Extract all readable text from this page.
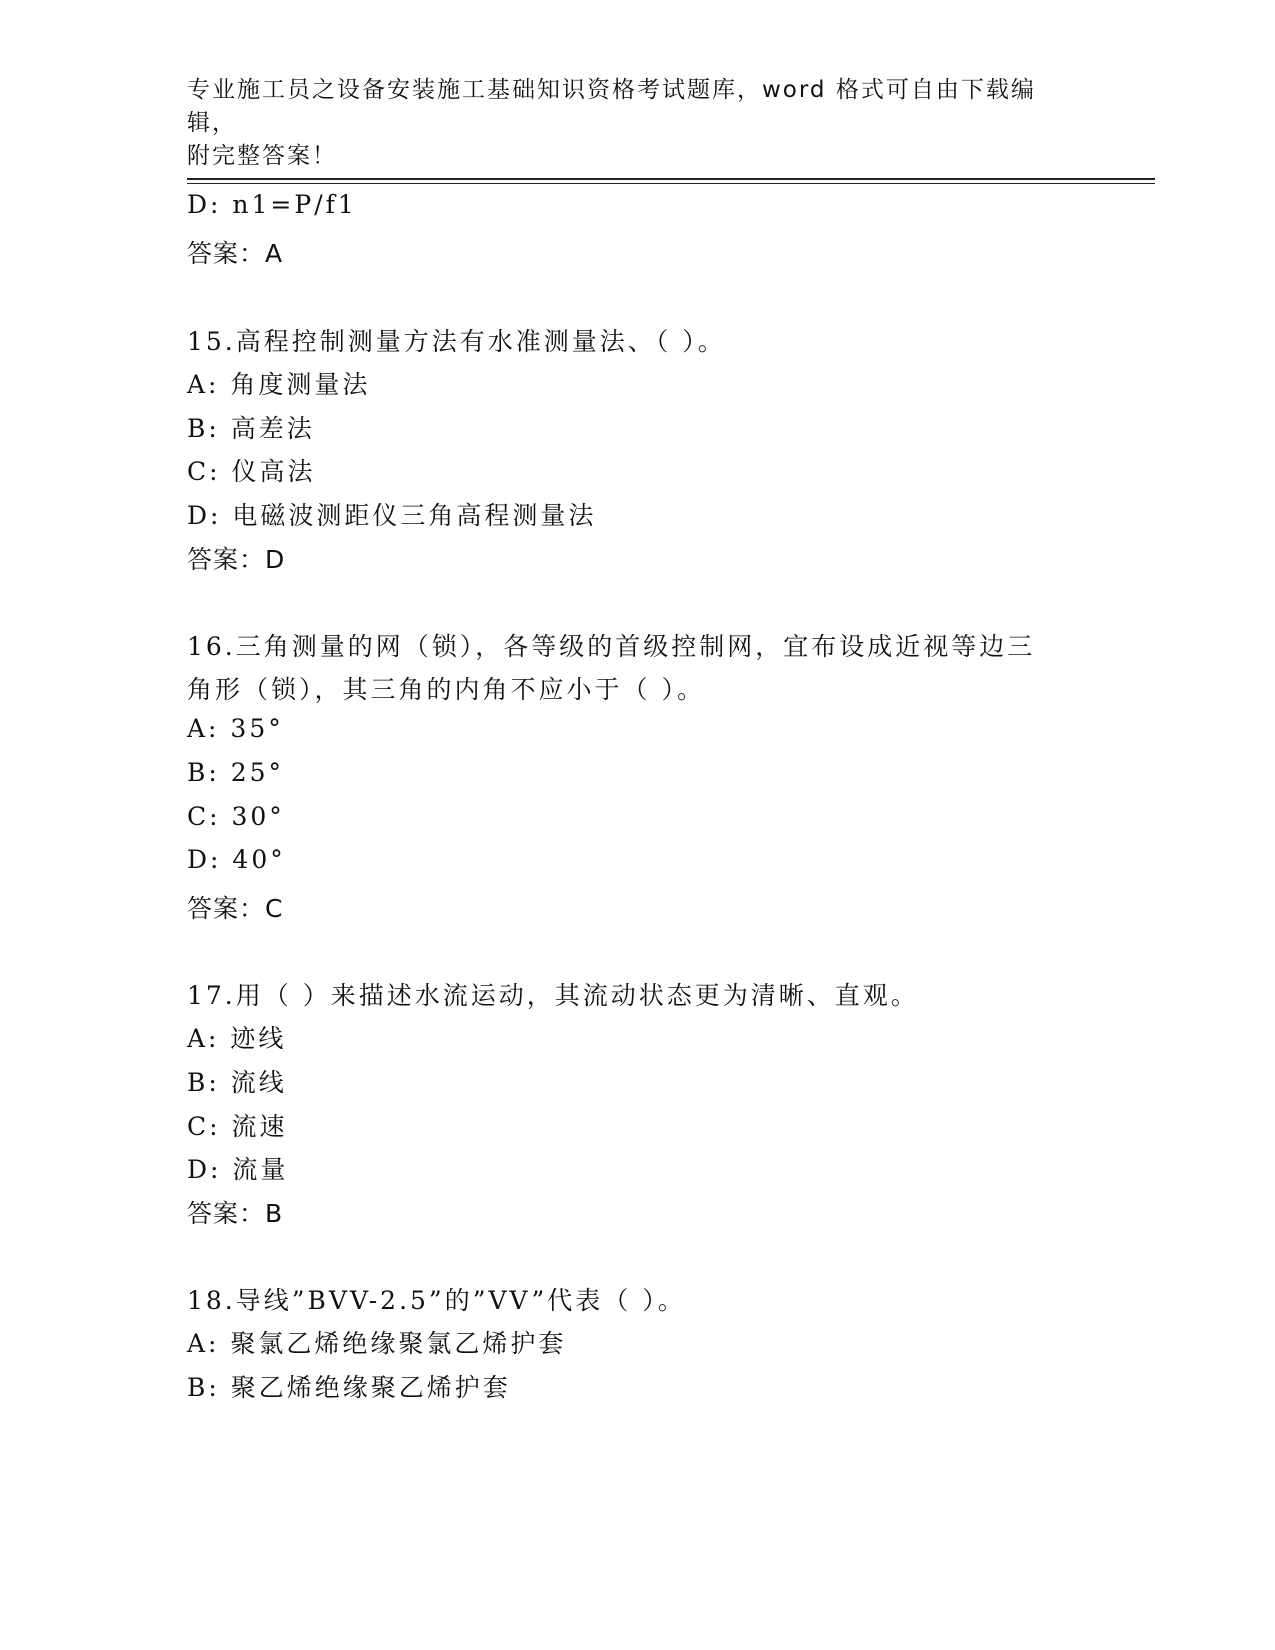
专业施工员之设备安装施工基础知识资格考试题库，word 格式可自由下载编辑，
附完整答案！
D: n1=P/f1
答案：A
15.高程控制测量方法有水准测量法、（ ）。
A: 角度测量法
B: 高差法
C: 仪高法
D: 电磁波测距仪三角高程测量法
答案：D
16.三角测量的网（锁），各等级的首级控制网，宜布设成近视等边三
角形（锁），其三角的内角不应小于（ ）。
A: 35°
B: 25°
C: 30°
D: 40°
答案：C
17.用（ ）来描述水流运动，其流动状态更为清晰、直观。
A: 迹线
B: 流线
C: 流速
D: 流量
答案：B
18.导线”BVV-2.5”的”VV”代表（ ）。
A: 聚氯乙烯绝缘聚氯乙烯护套
B: 聚乙烯绝缘聚乙烯护套
